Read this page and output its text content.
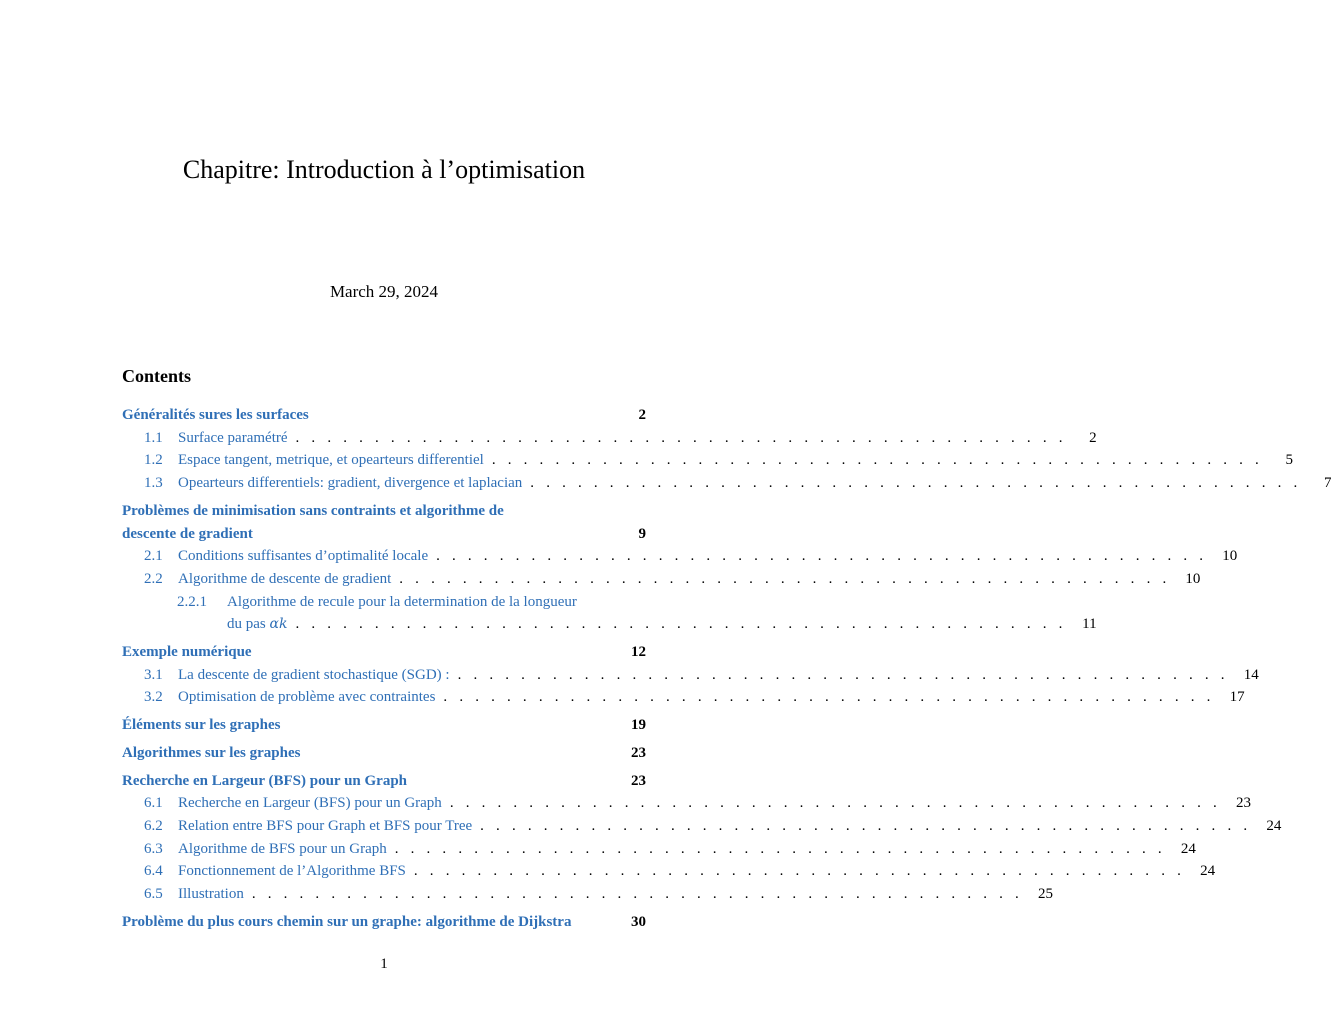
Chapitre: Introduction à l’optimisation
March 29, 2024
Contents
Généralités sures les surfaces	2
1.1	Surface paramétré . . . . . . . . . . . . . . . . . . . . . . . . . . . . . . . . . . . . . . . . . . . . . . . . .	2
1.2	Espace tangent, metrique, et opearteurs differentiel . . . . . . . . . . . . . . . . . . . . . . . . . . . . . . . . . . . . . . . . . . . . . . . . .	5
1.3	Opearteurs differentiels: gradient, divergence et laplacian . . . . . . . . . . . . . . . . . . . . . . . . . . . . . . . . . . . . . . . . . . . . . . . . .	7
Problèmes de minimisation sans contraints et algorithme de descente de gradient	9
2.1	Conditions suffisantes d’optimalité locale . . . . . . . . . . . . . . . . . . . . . . . . . . . . . . . . . . . . . . . . . . . . . . . . .	10
2.2	Algorithme de descente de gradient . . . . . . . . . . . . . . . . . . . . . . . . . . . . . . . . . . . . . . . . . . . . . . . . .	10
2.2.1 Algorithme de recule pour la determination de la longueur
du pas αk . . . . . . . . . . . . . . . . . . . . . . . . . . . . . . . . . . . . . . . . . . . . . . . . .	11
Exemple numérique	12
3.1	La descente de gradient stochastique (SGD) : . . . . . . . . . . . . . . . . . . . . . . . . . . . . . . . . . . . . . . . . . . . . . . . . .	14
3.2	Optimisation de problème avec contraintes . . . . . . . . . . . . . . . . . . . . . . . . . . . . . . . . . . . . . . . . . . . . . . . . .	17
Éléments sur les graphes	19
Algorithmes sur les graphes	23
Recherche en Largeur (BFS) pour un Graph	23
6.1	Recherche en Largeur (BFS) pour un Graph . . . . . . . . . . . . . . . . . . . . . . . . . . . . . . . . . . . . . . . . . . . . . . . . .	23
6.2	Relation entre BFS pour Graph et BFS pour Tree . . . . . . . . . . . . . . . . . . . . . . . . . . . . . . . . . . . . . . . . . . . . . . . . .	24
6.3	Algorithme de BFS pour un Graph . . . . . . . . . . . . . . . . . . . . . . . . . . . . . . . . . . . . . . . . . . . . . . . . .	24
6.4	Fonctionnement de l’Algorithme BFS . . . . . . . . . . . . . . . . . . . . . . . . . . . . . . . . . . . . . . . . . . . . . . . . .	24
6.5	Illustration . . . . . . . . . . . . . . . . . . . . . . . . . . . . . . . . . . . . . . . . . . . . . . . . .	25
Problème du plus cours chemin sur un graphe: algorithme de Dijkstra	30
1
